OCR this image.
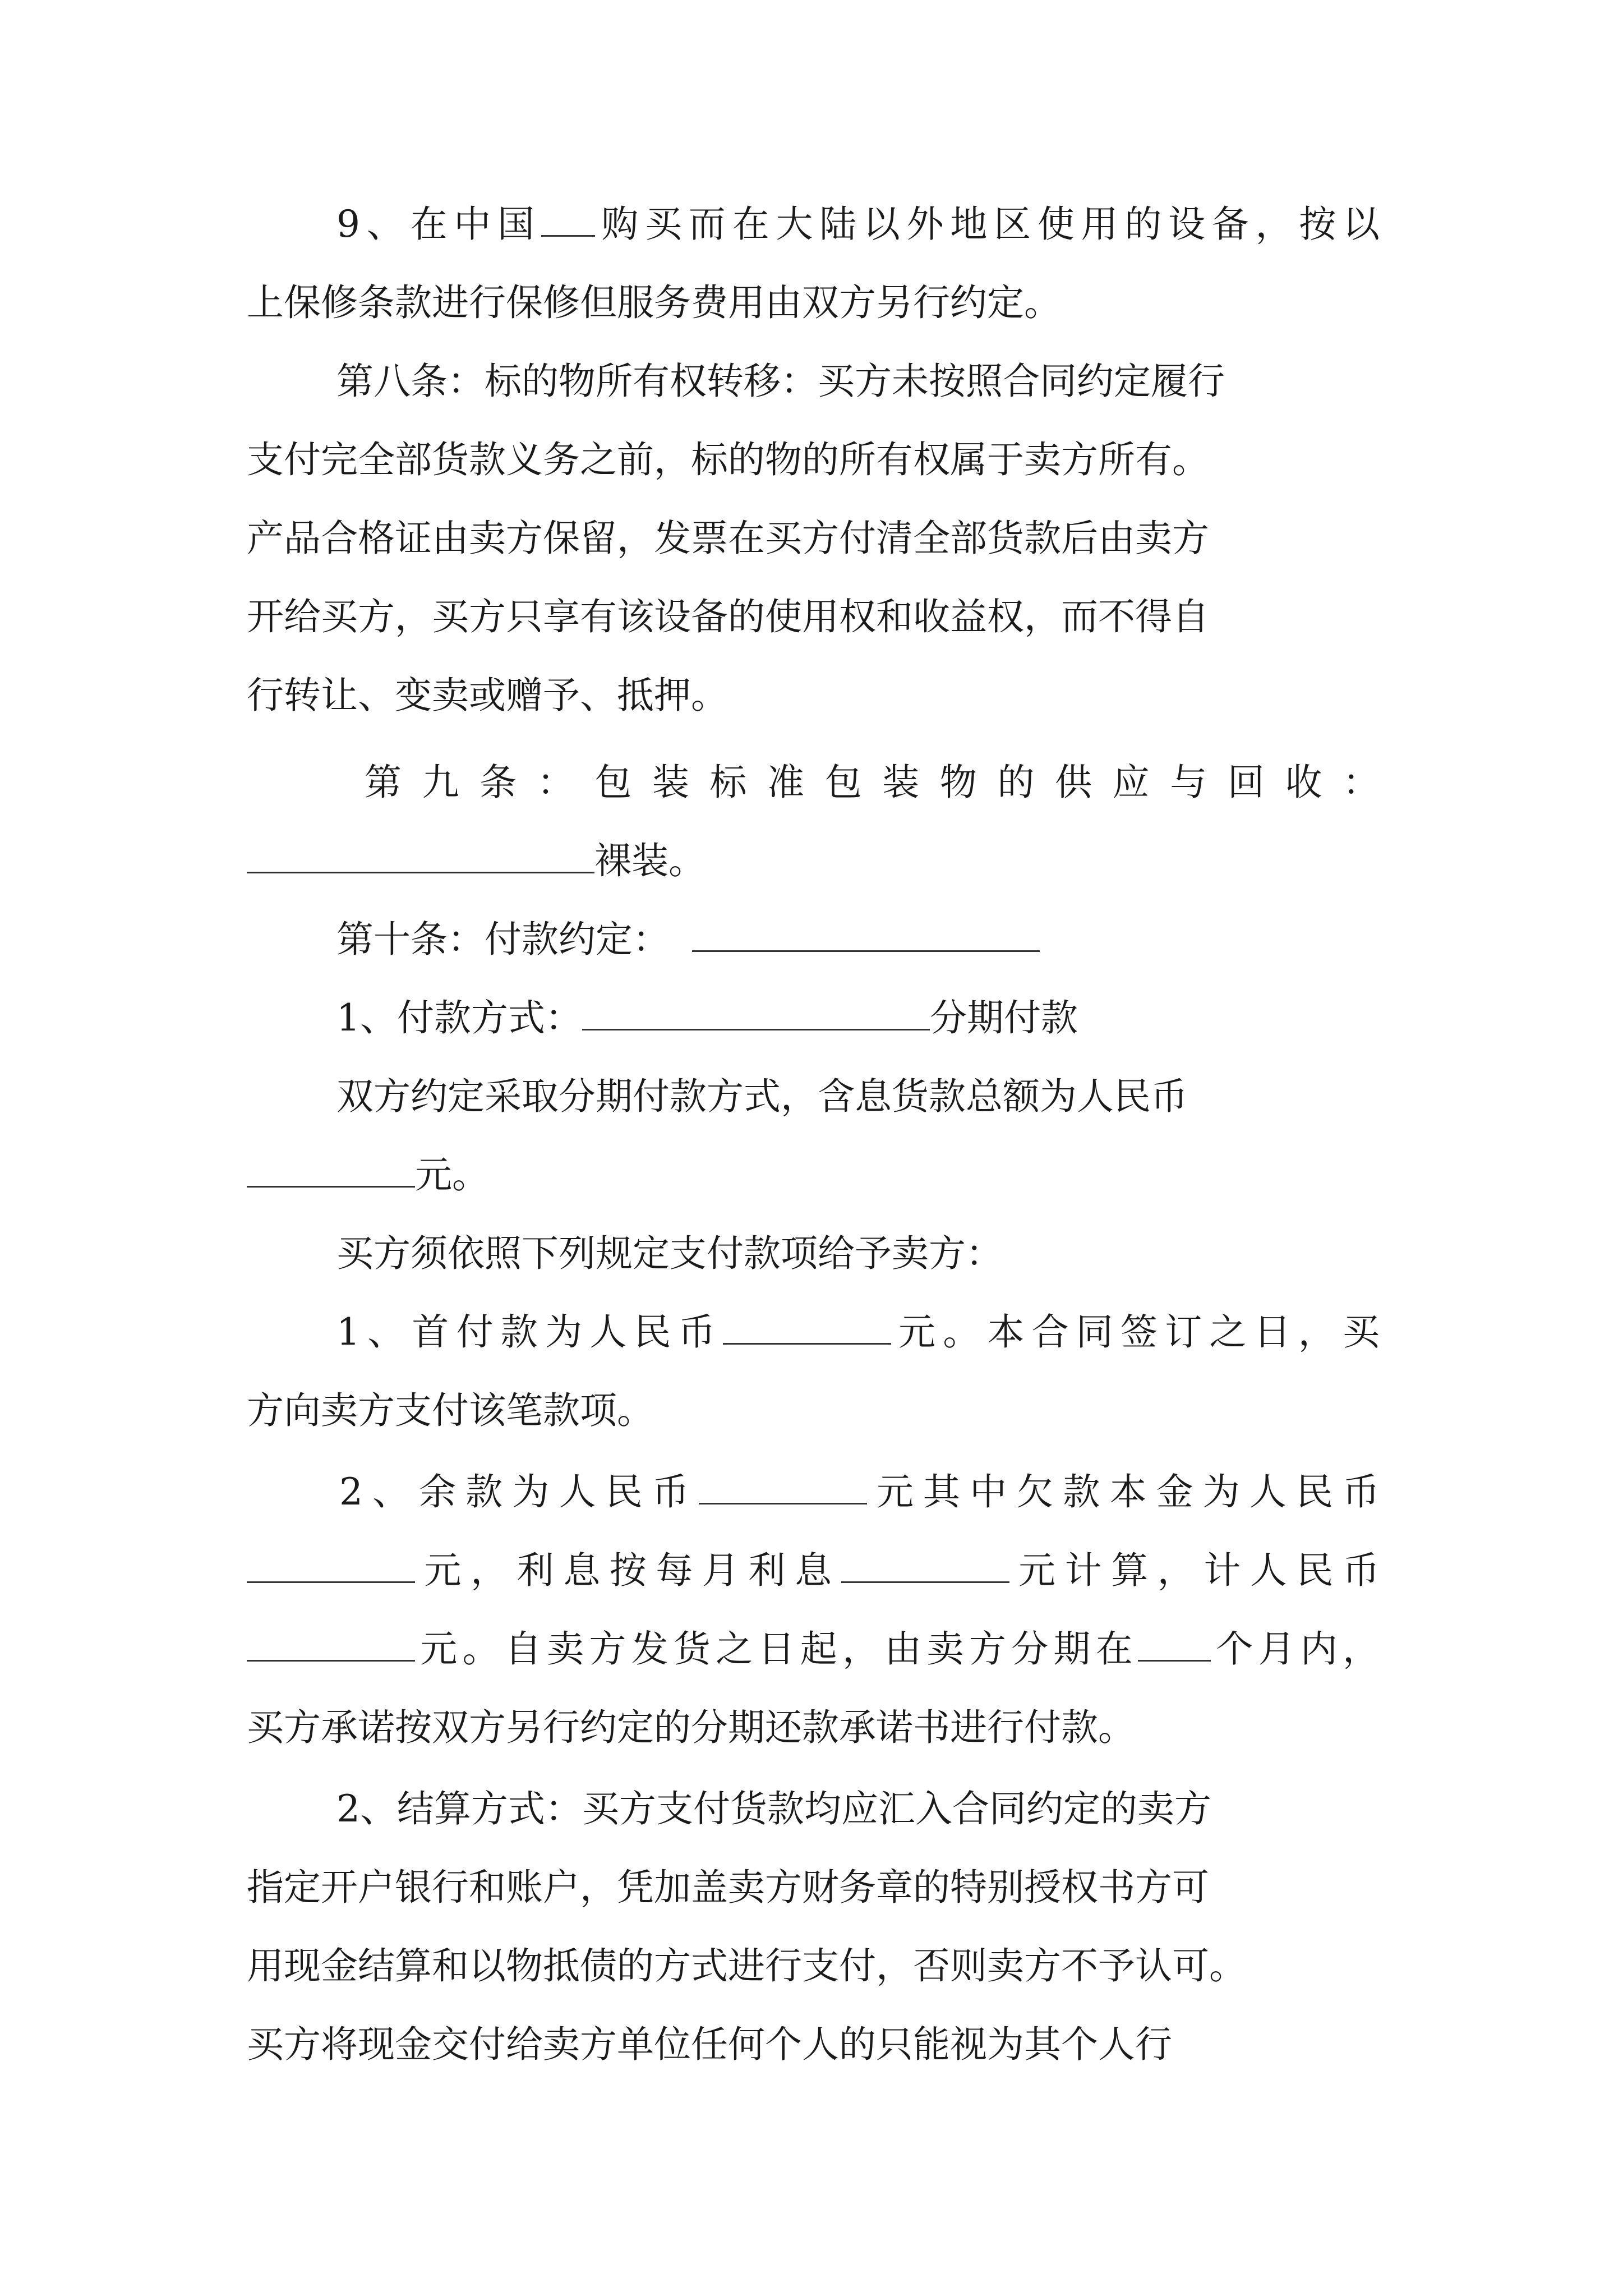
9、在中国 购买而在大陆以外地区使用的设备，按以
上保修条款进行保修但服务费用由双方另行约定。
第八条：标的物所有权转移：买方未按照合同约定履行
支付完全部货款义务之前，标的物的所有权属于卖方所有。
产品合格证由卖方保留，发票在买方付清全部货款后由卖方
开给买方，买方只享有该设备的使用权和收益权，而不得自
行转让、变卖或赠予、抵押。
第九条：包装标准包装物的供应与回收：
裸装。
第十条：付款约定：
1、付款方式：	分期付款
双方约定采取分期付款方式，含息货款总额为人民币
元。
买方须依照下列规定支付款项给予卖方：
1、首付款为人民币	元。本合同签订之日，买
方向卖方支付该笔款项。
2、余款为人民币	元其中欠款本金为人民币
元，利息按每月利息	元计算，计人民币
元。自卖方发货之日起，由卖方分期在 个月内，
买方承诺按双方另行约定的分期还款承诺书进行付款。
2、结算方式：买方支付货款均应汇入合同约定的卖方
指定开户银行和账户，凭加盖卖方财务章的特别授权书方可
用现金结算和以物抵债的方式进行支付，否则卖方不予认可。
买方将现金交付给卖方单位任何个人的只能视为其个人行
